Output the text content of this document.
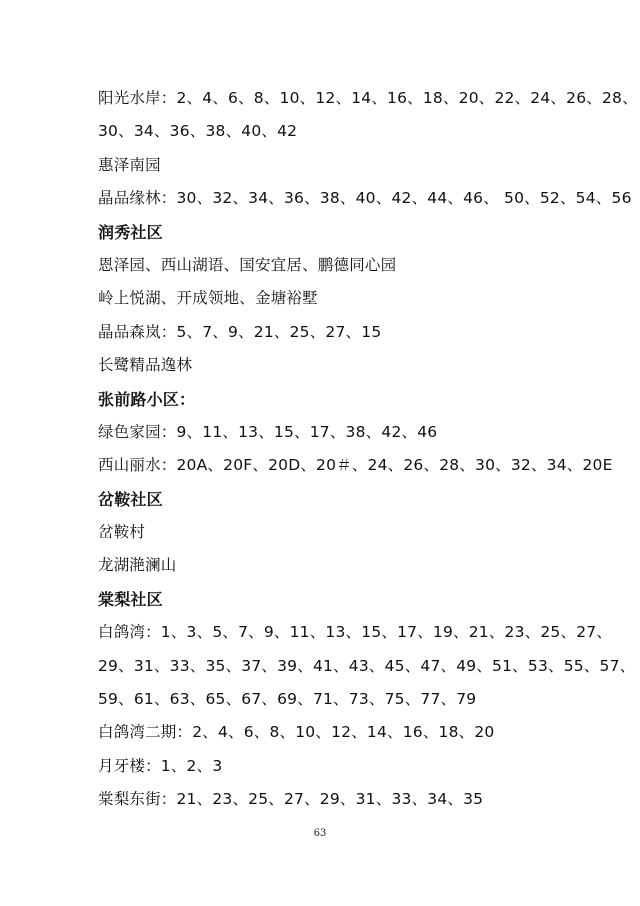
阳光水岸：2、4、6、8、10、12、14、16、18、20、22、24、26、28、
30、34、36、38、40、42
惠泽南园
晶品缘林：30、32、34、36、38、40、42、44、46、 50、52、54、56
润秀社区
恩泽园、西山湖语、国安宜居、鹏德同心园
岭上悦湖、开成领地、金塘裕墅
晶品森岚：5、7、9、21、25、27、15
长鹭精品逸林
张前路小区：
绿色家园：9、11、13、15、17、38、42、46
西山丽水：20A、20F、20D、20＃、24、26、28、30、32、34、20E
岔鞍社区
岔鞍村
龙湖滟澜山
棠梨社区
白鸽湾：1、3、5、7、9、11、13、15、17、19、21、23、25、27、
29、31、33、35、37、39、41、43、45、47、49、51、53、55、57、
59、61、63、65、67、69、71、73、75、77、79
白鸽湾二期：2、4、6、8、10、12、14、16、18、20
月牙楼：1、2、3
棠梨东街：21、23、25、27、29、31、33、34、35
63
